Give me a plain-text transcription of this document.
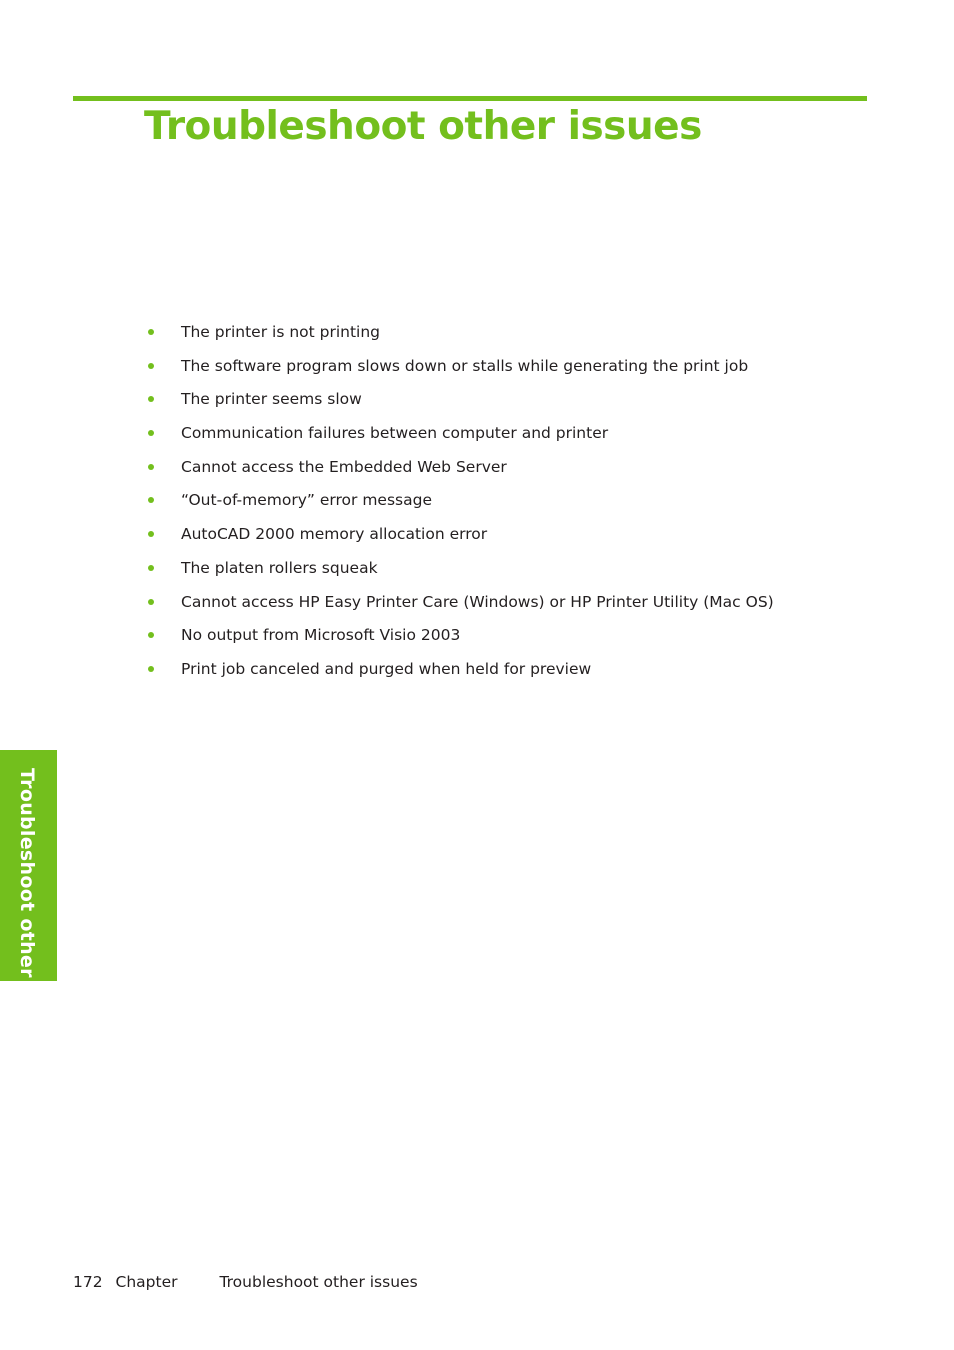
Troubleshoot other issues
The printer is not printing
The software program slows down or stalls while generating the print job
The printer seems slow
Communication failures between computer and printer
Cannot access the Embedded Web Server
“Out-of-memory” error message
AutoCAD 2000 memory allocation error
The platen rollers squeak
Cannot access HP Easy Printer Care (Windows) or HP Printer Utility (Mac OS)
No output from Microsoft Visio 2003
Print job canceled and purged when held for preview
Troubleshoot other
172 Chapter	Troubleshoot other issues
